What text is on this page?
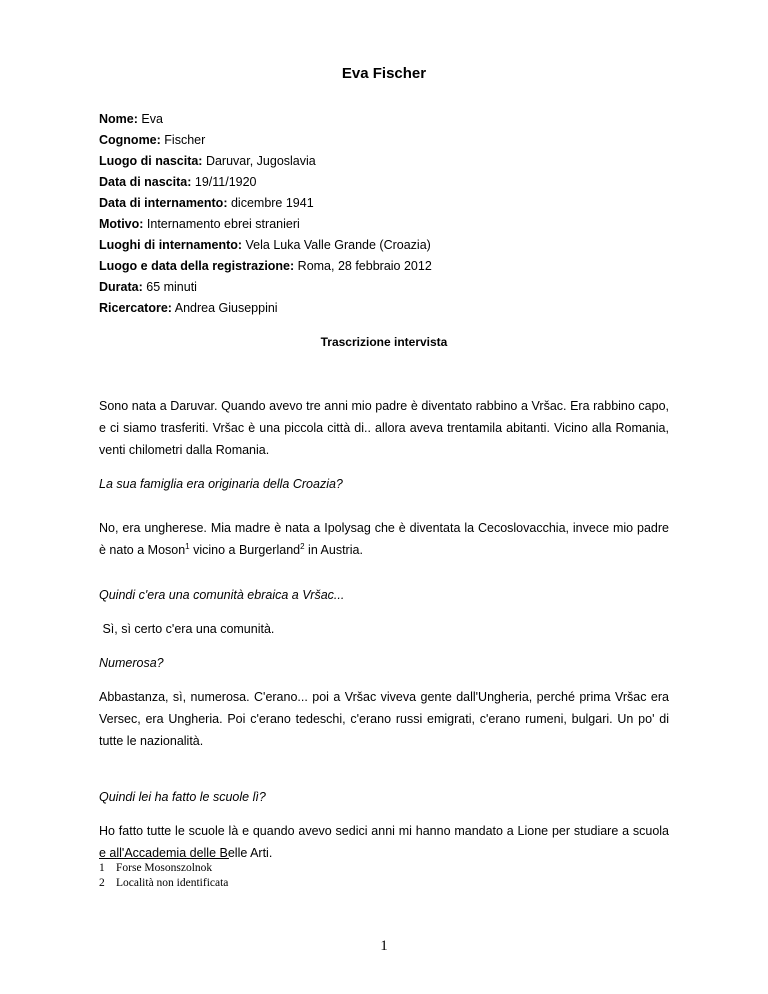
Eva Fischer
Nome: Eva
Cognome: Fischer
Luogo di nascita: Daruvar, Jugoslavia
Data di nascita: 19/11/1920
Data di internamento: dicembre 1941
Motivo: Internamento ebrei stranieri
Luoghi di internamento: Vela Luka Valle Grande (Croazia)
Luogo e data della registrazione: Roma, 28 febbraio 2012
Durata: 65 minuti
Ricercatore: Andrea Giuseppini
Trascrizione intervista

Sono nata a Daruvar. Quando avevo tre anni mio padre è diventato rabbino a Vršac. Era rabbino capo, e ci siamo trasferiti. Vršac è una piccola città di.. allora aveva trentamila abitanti. Vicino alla Romania, venti chilometri dalla Romania.

La sua famiglia era originaria della Croazia?

No, era ungherese. Mia madre è nata a Ipolysag che è diventata la Cecoslovacchia, invece mio padre è nato a Moson$^1$ vicino a Burgerland$^2$ in Austria.

Quindi c'era una comunità ebraica a Vršac...

Sì, sì certo c'era una comunità.

Numerosa?

Abbastanza, sì, numerosa. C'erano... poi a Vršac viveva gente dall'Ungheria, perché prima Vršac era Versec, era Ungheria. Poi c'erano tedeschi, c'erano russi emigrati, c'erano rumeni, bulgari. Un po' di tutte le nazionalità.

Quindi lei ha fatto le scuole lì?

Ho fatto tutte le scuole là e quando avevo sedici anni mi hanno mandato a Lione per studiare a scuola e all'Accademia delle Belle Arti.

1 Forse Mosonszolnok
2 Località non identificata
1
